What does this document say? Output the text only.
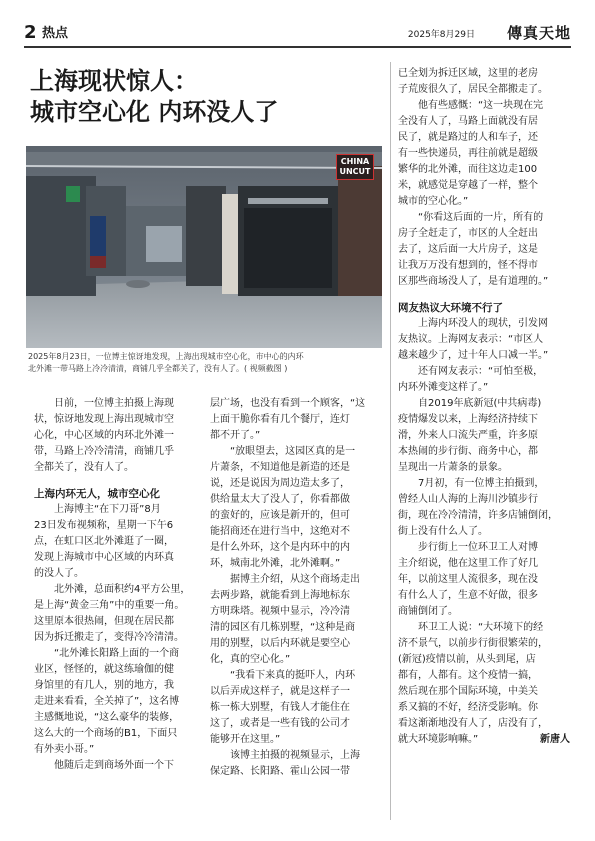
2 热点	2025年8月29日 傳真天地
上海现状惊人：
城市空心化 内环没人了
CHINA
UNCUT
2025年8月23日，一位博主惊讶地发现，上海出现城市空心化，市中心的内环
北外滩一带马路上冷冷清清，商铺几乎全都关了，没有人了。( 视频截图 )
　　日前，一位博主拍摄上海现
状，惊讶地发现上海出现城市空
心化，中心区域的内环北外滩一
带，马路上冷冷清清，商铺几乎
全都关了，没有人了。
上海内环无人，城市空心化
　　上海博主“在下刀哥”8月
23日发布视频称，星期一下午6
点，在虹口区北外滩逛了一圈，
发现上海城市中心区域的内环真
的没人了。
　　北外滩，总面积约4平方公里，
是上海“黄金三角”中的重要一角。
这里原本很热闹，但现在居民都
因为拆迁搬走了，变得冷冷清清。
　　“北外滩长阳路上面的一个商
业区，怪怪的，就这练瑜伽的健
身馆里的有几人，别的地方，我
走进来看看，全关掉了”，这名博
主感慨地说，“这么豪华的装修，
这么大的一个商场的B1，下面只
有外卖小哥。”
　　他随后走到商场外面一个下
层广场，也没有看到一个顾客，“这
上面干脆你看有几个餐厅，连灯
都不开了。”
　　“放眼望去，这园区真的是一
片萧条，不知道他是新造的还是
说，还是说因为周边造太多了，
供给量太大了没人了，你看都做
的蛮好的，应该是新开的，但可
能招商还在进行当中，这绝对不
是什么外环，这个是内环中的内
环，城南北外滩，北外滩啊。”
　　据博主介绍，从这个商场走出
去两步路，就能看到上海地标东
方明珠塔。视频中显示，冷冷清
清的园区有几栋别墅，“这种是商
用的别墅，以后内环就是要空心
化，真的空心化。”
　　“我看下来真的挺吓人，内环
以后弄成这样子，就是这样子一
栋一栋大别墅，有钱人才能住在
这了，或者是一些有钱的公司才
能够开在这里。”
　　该博主拍摄的视频显示，上海
保定路、长阳路、霍山公园一带
已全划为拆迁区域，这里的老房
子荒废很久了，居民全都搬走了。
　　他有些感慨：“这一块现在完
全没有人了，马路上面就没有居
民了，就是路过的人和车子，还
有一些快递员，再往前就是超级
繁华的北外滩，而往这边走100
米，就感觉是穿越了一样，整个
城市的空心化。”
　　“你看这后面的一片，所有的
房子全赶走了，市区的人全赶出
去了，这后面一大片房子，这是
让我万万没有想到的，怪不得市
区那些商场没人了，是有道理的。”
网友热议大环境不行了
　　上海内环没人的现状，引发网
友热议。上海网友表示：“市区人
越来越少了，过十年人口减一半。”
　　还有网友表示：“可怕至极，
内环外滩变这样了。”
　　自2019年底新冠(中共病毒)
疫情爆发以来，上海经济持续下
滑，外来人口流失严重，许多原
本热闹的步行街、商务中心，都
呈现出一片萧条的景象。
　　7月初，有一位博主拍摄到，
曾经人山人海的上海川沙镇步行
街，现在冷冷清清，许多店铺倒闭，
街上没有什么人了。
　　步行街上一位环卫工人对博
主介绍说，他在这里工作了好几
年，以前这里人流很多，现在没
有什么人了，生意不好做，很多
商铺倒闭了。
　　环卫工人说：“大环境下的经
济不景气，以前步行街很繁荣的，
(新冠)疫情以前，从头到尾，店
都有，人都有。这个疫情一搞，
然后现在那个国际环境，中美关
系又搞的不好，经济受影响。你
看这渐渐地没有人了，店没有了，
就大环境影响嘛。”	新唐人
